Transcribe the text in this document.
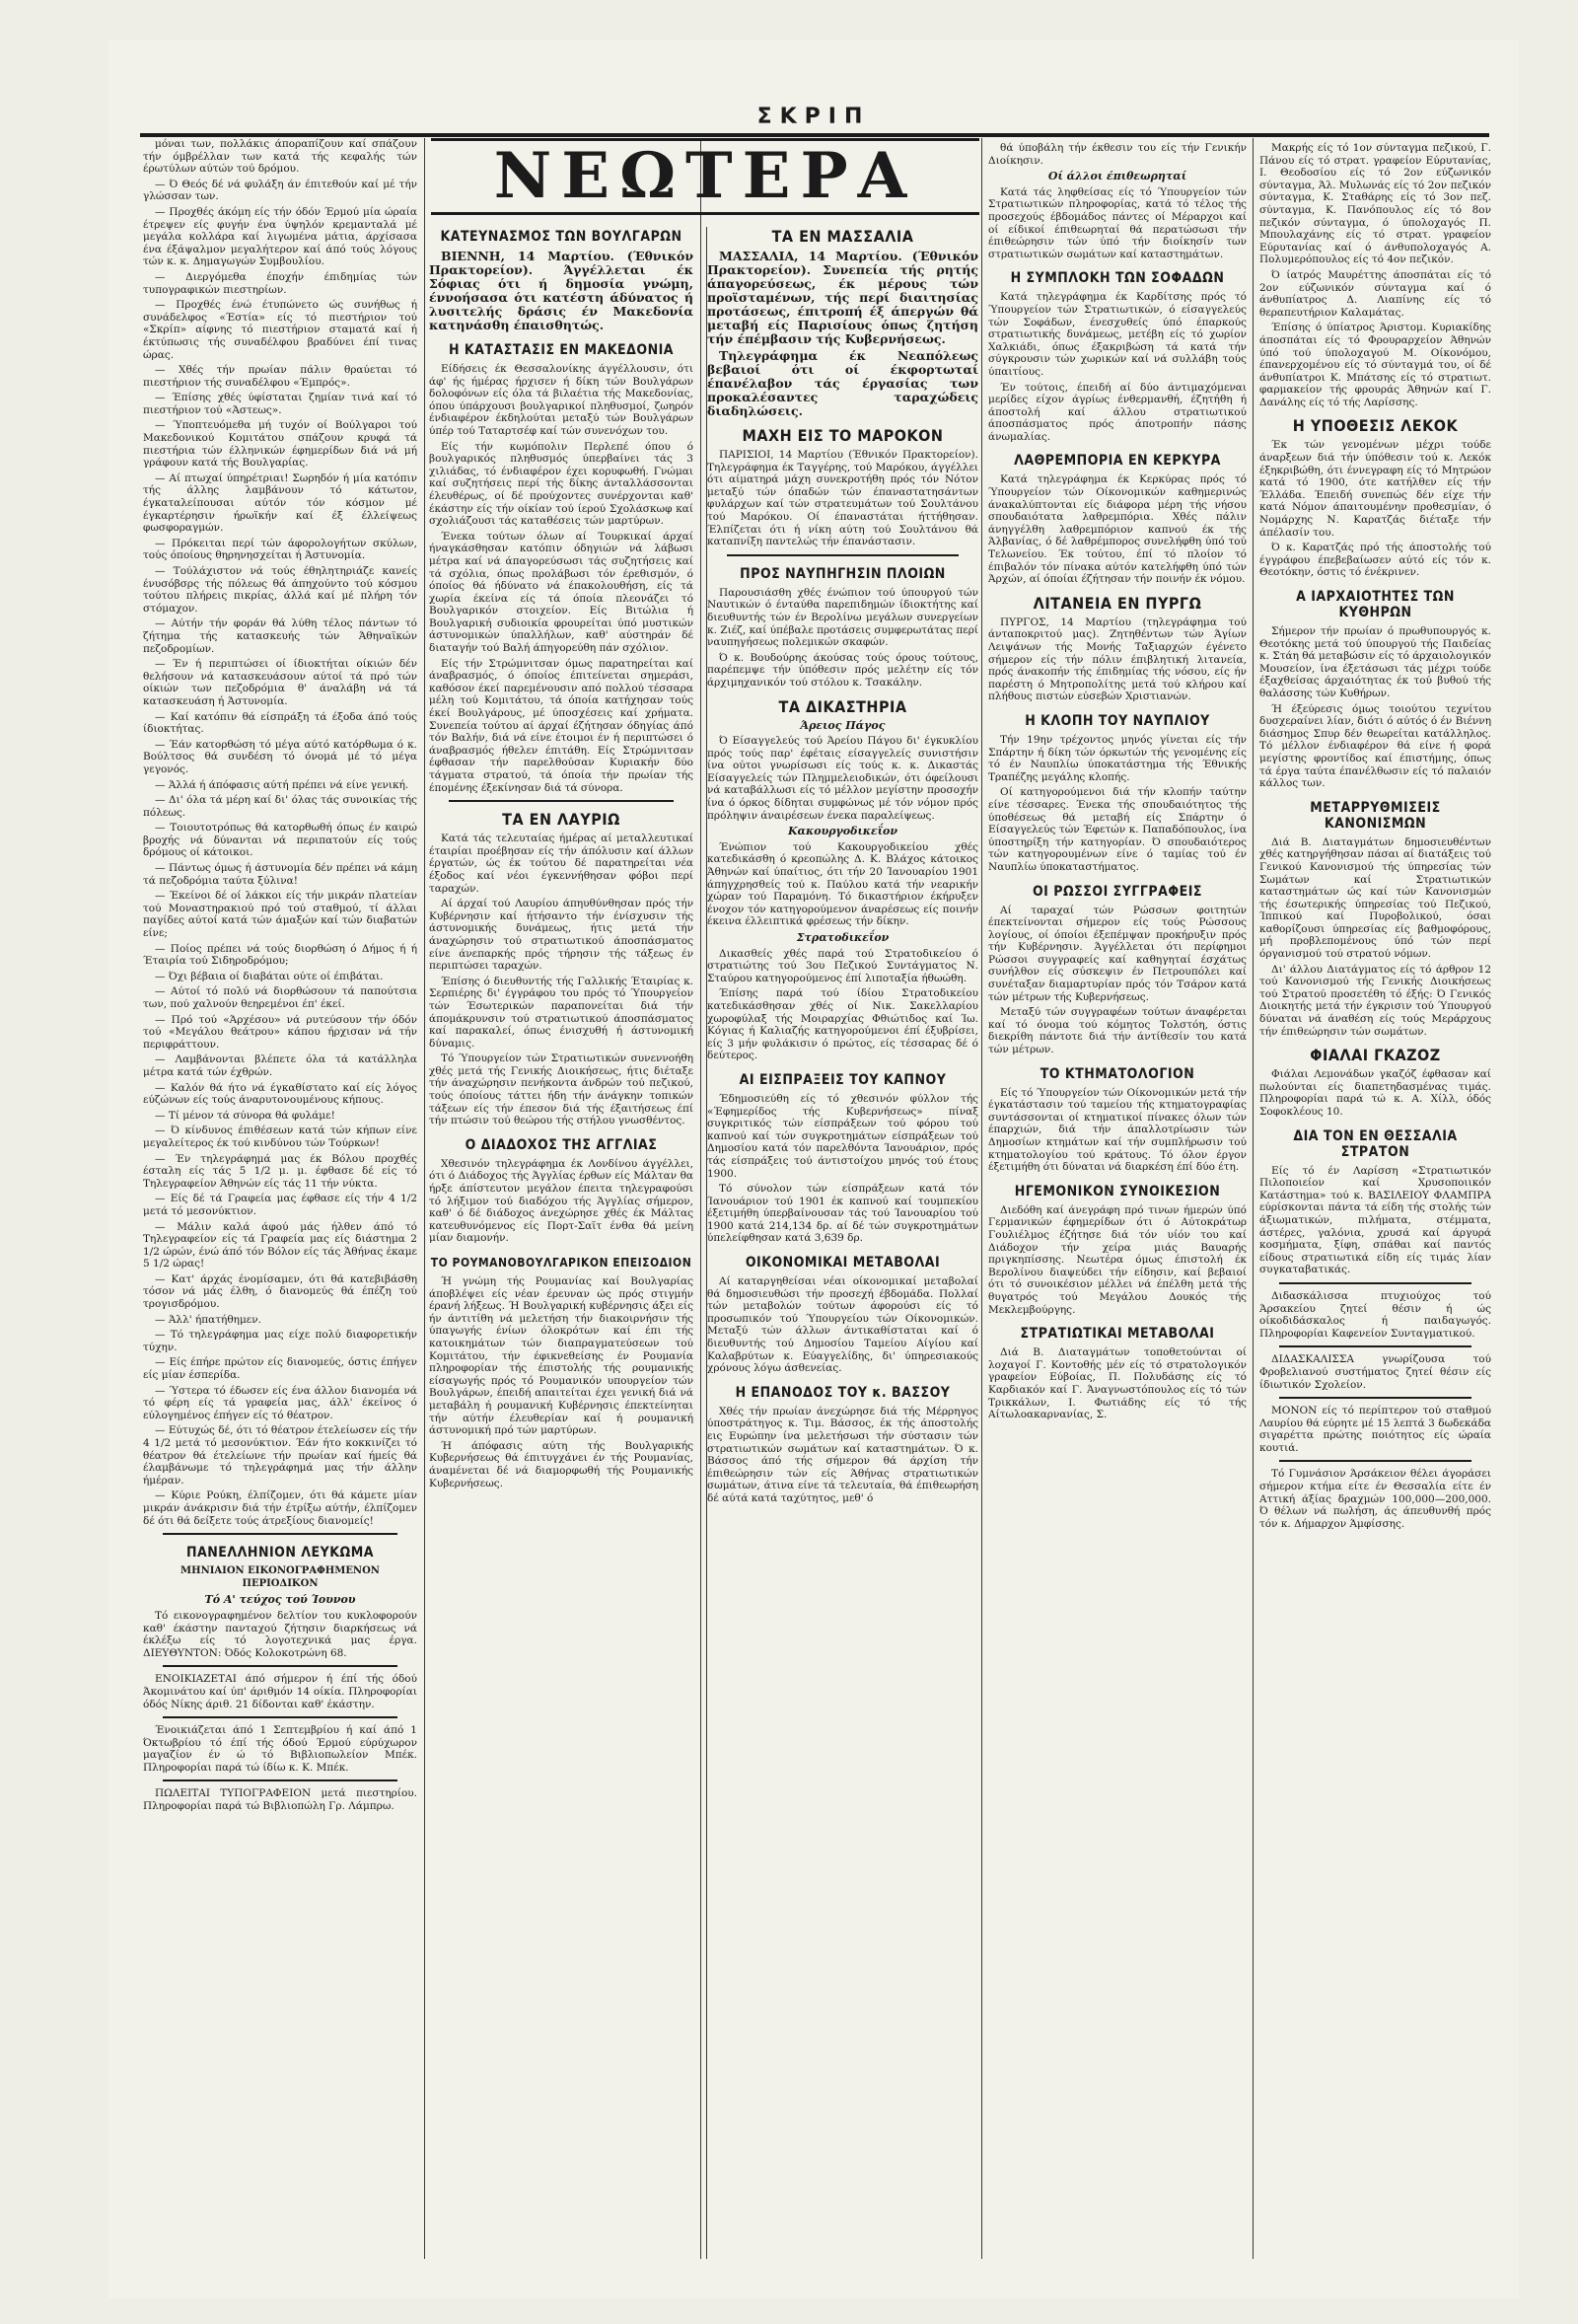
ΣΚΡΙΠ

μόναι των, πολλάκις άποραπίζουν καί σπάζουν τήν όμβρέλλαν των κατά τής κεφαλής τών έρωτύλων αύτών τού δρόμου.

— Ό Θεός δέ νά φυλάξη άν έπιτεθούν καί μέ τήν γλώσσαν των.

— Προχθές άκόμη είς τήν όδόν Έρμού μία ώραία έτρεψεν είς φυγήν ένα ύψηλόν κρεμανταλά μέ μεγάλα κολλάρα καί λιγωμένα μάτια, άρχίσασα ένα έξάψαλμον μεγαλήτερον καί άπό τούς λόγους τών κ. κ. Δημαγωγών Συμβουλίου.

— Διεργόμεθα έποχήν έπιδημίας τών τυπογραφικών πιεστηρίων.

— Προχθές ένώ έτυπώνετο ώς συνήθως ή συνάδελφος «Έστία» είς τό πιεστήριον τού «Σκρίπ» αίφνης τό πιεστήριον σταματά καί ή έκτύπωσις τής συναδέλφου βραδύνει έπί τινας ώρας.

— Χθές τήν πρωίαν πάλιν θραύεται τό πιεστήριον τής συναδέλφου «Έμπρός».

— Έπίσης χθές ύφίσταται ζημίαν τινά καί τό πιεστήριον τού «Άστεως».

— Ύποπτευόμεθα μή τυχόν οί Βούλγαροι τού Μακεδονικού Κομιτάτου σπάζουν κρυφά τά πιεστήρια τών έλληνικών έφημερίδων διά νά μή γράφουν κατά τής Βουλγαρίας.

— Αί πτωχαί ύπηρέτριαι! Σωρηδόν ή μία κατόπιν τής άλλης λαμβάνουν τό κάτωτον, έγκαταλείπουσαι αύτόν τόν κόσμον μέ έγκαρτέρησιν ήρωϊκήν καί έξ έλλείψεως φωσφοραγμών.

— Πρόκειται περί τών άφορολογήτων σκύλων, τούς όποίους θηρηνησχείται ή Άστυνομία.

— Τούλάχιστον νά τούς έθηλητηριάζε κανείς ένυσόβσρς τής πόλεως θά άπηχούντο τού κόσμου τούτου πλήρεις πικρίας, άλλά καί μέ πλήρη τόν στόμαχον.

— Αύτήν τήν φοράν θά λύθη τέλος πάντων τό ζήτημα τής κατασκευής τών Άθηναϊκών πεζοδρομίων.

— Έν ή περιπτώσει οί ίδιοκτήται οίκιών δέν θελήσουν νά κατασκευάσουν αύτοί τά πρό τών οίκιών των πεζοδρόμια θ' άναλάβη νά τά κατασκευάση ή Άστυνομία.

— Καί κατόπιν θά είσπράξη τά έξοδα άπό τούς ίδιοκτήτας.

— Έάν κατορθώση τό μέγα αύτό κατόρθωμα ό κ. Βούλτσος θά συνδέση τό όνομά μέ τό μέγα γεγονός.

— Άλλά ή άπόφασις αύτή πρέπει νά είνε γενική.

— Δι' όλα τά μέρη καί δι' όλας τάς συνοικίας τής πόλεως.

— Τοιουτοτρόπως θά κατορθωθή όπως έν καιρώ βροχής νά δύνανται νά περιπατούν είς τούς δρόμους οί κάτοικοι.

— Πάντως όμως ή άστυνομία δέν πρέπει νά κάμη τά πεζοδρόμια ταύτα ξύλινα!

— Έκείνοι δέ οί λάκκοι είς τήν μικράν πλατείαν τού Μοναστηρακιού πρό τού σταθμού, τί άλλαι παγίδες αύτοί κατά τών άμαξών καί τών διαβατών είνε;

— Ποίος πρέπει νά τούς διορθώση ό Δήμος ή ή Έταιρία τού Σιδηροδρόμου;

— Όχι βέβαια οί διαβάται ούτε οί έπιβάται.

— Αύτοί τό πολύ νά διορθώσουν τά παπούτσια των, πού χαλνούν θεηρεμένοι έπ' έκεί.

— Πρό τού «Άρχέσου» νά ρυτεύσουν τήν όδόν τού «Μεγάλου θεάτρου» κάπου ήρχισαν νά τήν περιφράττουν.

— Λαμβάνονται βλέπετε όλα τά κατάλληλα μέτρα κατά τών έχθρών.

— Καλόν θά ήτο νά έγκαθίστατο καί είς λόγος εύζώνων είς τούς άναρυτονουμένους κήπους.

— Τί μένον τά σύνορα θά φυλάμε!

— Ό κίνδυνος έπιθέσεων κατά τών κήπων είνε μεγαλείτερος έκ τού κινδύνου τών Τούρκων!

— Έν τηλεγράφημά μας έκ Βόλου προχθές έσταλη είς τάς 5 1/2 μ. μ. έφθασε δέ είς τό Τηλεγραφείον Άθηνών είς τάς 11 τήν νύκτα.

— Είς δέ τά Γραφεία μας έφθασε είς τήν 4 1/2 μετά τό μεσονύκτιον.

— Μάλιν καλά άφού μάς ήλθεν άπό τό Τηλεγραφείον είς τά Γραφεία μας είς διάστημα 2 1/2 ώρών, ένώ άπό τόν Βόλον είς τάς Άθήνας έκαμε 5 1/2 ώρας!

— Κατ' άρχάς ένομίσαμεν, ότι θά κατεβιβάσθη τόσον νά μάς έλθη, ό διανομεύς θά έπέζη τού τρογισδρόμου.

— Άλλ' ήπατήθημεν.

— Τό τηλεγράφημα μας είχε πολύ διαφορετικήν τύχην.

— Είς έπήρε πρώτον είς διανομεύς, όστις έπήγεν είς μίαν έσπερίδα.

— Ύστερα τό έδωσεν είς ένα άλλον διανομέα νά τό φέρη είς τά γραφεία μας, άλλ' έκείνος ό εύλογημένος έπήγεν είς τό θέατρον.

— Εύτυχώς δέ, ότι τό θέατρον έτελείωσεν είς τήν 4 1/2 μετά τό μεσονύκτιον. Έάν ήτο κοκκινίζει τό θέατρον θά έτελείωνε τήν πρωίαν καί ήμείς θά έλαμβάνωμε τό τηλεγράφημά μας τήν άλλην ήμέραν.

— Κύριε Ρούκη, έλπίζομεν, ότι θά κάμετε μίαν μικράν άνάκρισιν διά τήν έτρίξω αύτήν, έλπίζομεν δέ ότι θά δείξετε τούς άτρεξίους διανομείς!

ΠΑΝΕΛΛΗΝΙΟΝ ΛΕΥΚΩΜΑ
ΜΗΝΙΑΙΟΝ ΕΙΚΟΝΟΓΡΑΦΗΜΕΝΟΝ ΠΕΡΙΟΔΙΚΟΝ
Τό Α' τεύχος τού Ίουνου

Τό εικονογραφημένον δελτίον του κυκλοφορούν καθ' έκάστην πανταχού ζήτησιν διαρκήσεως νά έκλέξω είς τό λογοτεχνικά μας έργα. ΔΙΕΥΘΥΝΤΟΝ: Όδός Κολοκοτρώνη 68.

ΕΝΟΙΚΙΑΖΕΤΑΙ άπό σήμερον ή έπί τής όδού Άκομινάτου καί ύπ' άριθμόν 14 οίκία. Πληροφορίαι όδός Νίκης άριθ. 21 δίδονται καθ' έκάστην.

Ένοικιάζεται άπό 1 Σεπτεμβρίου ή καί άπό 1 Όκτωβρίου τό έπί τής όδού Έρμού εύρύχωρον μαγαζίον έν ώ τό Βιβλιοπωλείον Μπέκ. Πληροφορίαι παρά τώ ίδίω κ. Κ. Μπέκ.

ΠΩΛΕΙΤΑΙ ΤΥΠΟΓΡΑΦΕΙΟΝ μετά πιεστηρίου. Πληροφορίαι παρά τώ Βιβλιοπώλη Γρ. Λάμπρω.

ΝΕΩΤΕΡΑ
ΚΑΤΕΥΝΑΣΜΟΣ ΤΩΝ ΒΟΥΛΓΑΡΩΝ

ΒΙΕΝΝΗ, 14 Μαρτίου. (Έθνικόν Πρακτορείον). Άγγέλλεται έκ Σόφιας ότι ή δημοσία γνώμη, έννοήσασα ότι κατέστη άδύνατος ή λυσιτελής δράσις έν Μακεδονία κατηνάσθη έπαισθητώς.

Η ΚΑΤΑΣΤΑΣΙΣ ΕΝ ΜΑΚΕΔΟΝΙΑ

Είδήσεις έκ Θεσσαλονίκης άγγέλλουσιν, ότι άφ' ής ήμέρας ήρχισεν ή δίκη τών Βουλγάρων δολοφόνων είς όλα τά βιλαέτια τής Μακεδονίας, όπου ύπάρχουσι βουλγαρικοί πληθυσμοί, ζωηρόν ένδιαφέρον έκδηλούται μεταξύ τών Βουλγάρων ύπέρ τού Ταταρτσέφ καί τών συνενόχων του.

Είς τήν κωμόπολιν Περλεπέ όπου ό βουλγαρικός πληθυσμός ύπερβαίνει τάς 3 χιλιάδας, τό ένδιαφέρον έχει κορυφωθή. Γνώμαι καί συζητήσεις περί τής δίκης άνταλλάσσονται έλευθέρως, οί δέ προύχοντες συνέρχονται καθ' έκάστην είς τήν οίκίαν τού ίερού Σχολάσκωφ καί σχολιάζουσι τάς καταθέσεις τών μαρτύρων.

Ένεκα τούτων όλων αί Τουρκικαί άρχαί ήναγκάσθησαν κατόπιν όδηγιών νά λάβωσι μέτρα καί νά άπαγορεύσωσι τάς συζητήσεις καί τά σχόλια, όπως προλάβωσι τόν έρεθισμόν, ό όποίος θά ήδύνατο νά έπακολουθήση, είς τά χωρία έκείνα είς τά όποία πλεονάζει τό Βουλγαρικόν στοιχείον. Είς Βιτώλια ή Βουλγαρική συδιοικία φρουρείται ύπό μυστικών άστυνομικών ύπαλλήλων, καθ' αύστηράν δέ διαταγήν τού Βαλή άπηγορεύθη πάν σχόλιον.

Είς τήν Στρώμνιτσαν όμως παρατηρείται καί άναβρασμός, ό όποίος έπιτείνεται σημεράσι, καθόσον έκεί παρεμένουσιν από πολλού τέσσαρα μέλη τού Κομιτάτου, τά όποία κατήχησαν τούς έκεί Βουλγάρους, μέ ύποσχέσεις καί χρήματα. Συνεπεία τούτου αί άρχαί έζήτησαν όδηγίας άπό τόν Βαλήν, διά νά είνε έτοιμοι έν ή περιπτώσει ό άναβρασμός ήθελεν έπιτάθη. Είς Στρώμνιτσαν έφθασαν τήν παρελθούσαν Κυριακήν δύο τάγματα στρατού, τά όποία τήν πρωίαν τής έπομένης έξεκίνησαν διά τά σύνορα.

ΤΑ ΕΝ ΛΑΥΡΙΩ

Κατά τάς τελευταίας ήμέρας αί μεταλλευτικαί έταιρίαι προέβησαν είς τήν άπόλυσιν καί άλλων έργατών, ώς έκ τούτου δέ παρατηρείται νέα έξοδος καί νέοι έγκεννήθησαν φόβοι περί ταραχών.

Αί άρχαί τού Λαυρίου άπηυθύνθησαν πρός τήν Κυβέρνησιν καί ήτήσαντο τήν ένίσχυσιν τής άστυνομικής δυνάμεως, ήτις μετά τήν άναχώρησιν τού στρατιωτικού άποσπάσματος είνε άνεπαρκής πρός τήρησιν τής τάξεως έν περιπτώσει ταραχών.

Έπίσης ό διευθυντής τής Γαλλικής Έταιρίας κ. Σερπιέρης δι' έγγράφου του πρός τό Ύπουργείον τών Έσωτερικών παραπονείται διά τήν άπομάκρυνσιν τού στρατιωτικού άποσπάσματος καί παρακαλεί, όπως ένισχυθή ή άστυνομική δύναμις.

Τό Ύπουργείον τών Στρατιωτικών συνεννοήθη χθές μετά τής Γενικής Διοικήσεως, ήτις διέταξε τήν άναχώρησιν πενήκοντα άνδρών τού πεζικού, τούς όποίους τάττει ήδη τήν άνάγκην τοπικών τάξεων είς τήν έπεσον διά τής έξαιτήσεως έπί τήν πτώσιν τού θεώρου τής στήλου γνωσθέντος.

Ο ΔΙΑΔΟΧΟΣ ΤΗΣ ΑΓΓΛΙΑΣ

Χθεσινόν τηλεγράφημα έκ Λονδίνου άγγέλλει, ότι ό Διάδοχος τής Άγγλίας έρθων είς Μάλταν θα ήρξε άπίστευτον μεγάλον έπειτα τηλεγραφούσι τό λήξιμον τού διαδόχου τής Άγγλίας σήμερον, καθ' ό δέ διάδοχος άνεχώρησε χθές έκ Μάλτας κατευθυνόμενος είς Πορτ-Σαϊτ ένθα θά μείνη μίαν διαμονήν.

ΤΟ ΡΟΥΜΑΝΟΒΟΥΛΓΑΡΙΚΟΝ ΕΠΕΙΣΟΔΙΟΝ

Ή γνώμη τής Ρουμανίας καί Βουλγαρίας άποβλέψει είς νέαν έρευναν ώς πρός στιγμήν έρανή λήξεως. Ή Βουλγαρική κυβέρνησις άξει είς ήν άντιτίθη νά μελετήση τήν διακοιρνήσιν τής ύπαγωγής ένίων όλοκρότων καί έπι τής κατοικημάτων τών διαπραγματεύσεων τού Κομιτάτου, τήν έφικνεθείσης έν Ρουμανία πληροφορίαν τής έπιστολής τής ρουμανικής είσαγωγής πρός τό Ρουμανικόν υπουργείον τών Βουλγάρων, έπειδή απαιτείται έχει γενική διά νά μεταβάλη ή ρουμανική Κυβέρνησις έπεκτείνηται τήν αύτήν έλευθερίαν καί ή ρουμανική άστυνομική πρό τών μαρτύρων.

Ή άπόφασις αύτη τής Βουλγαρικής Κυβερνήσεως θά έπιτυγχάνει έν τής Ρουμανίας, άναμένεται δέ νά διαμορφωθή τής Ρουμανικής Κυβερνήσεως.

ΤΑ ΕΝ ΜΑΣΣΑΛΙΑ

ΜΑΣΣΑΛΙΑ, 14 Μαρτίου. (Έθνικόν Πρακτορείον). Συνεπεία τής ρητής άπαγορεύσεως, έκ μέρους τών προϊσταμένων, τής περί διαιτησίας προτάσεως, έπιτροπή έξ άπεργών θά μεταβή είς Παρισίους όπως ζητήση τήν έπέμβασιν τής Κυβερνήσεως.

Τηλεγράφημα έκ Νεαπόλεως βεβαιοί ότι οί έκφορτωταί έπανέλαβον τάς έργασίας των προκαλέσαντες ταραχώδεις διαδηλώσεις.

ΜΑΧΗ ΕΙΣ ΤΟ ΜΑΡΟΚΟΝ

ΠΑΡΙΣΙΟΙ, 14 Μαρτίου (Έθνικόν Πρακτορείον). Τηλεγράφημα έκ Ταγγέρης, τού Μαρόκου, άγγέλλει ότι αίματηρά μάχη συνεκροτήθη πρός τόν Νότον μεταξύ τών όπαδών τών έπαναστατησάντων φυλάρχων καί τών στρατευμάτων τού Σουλτάνου τού Μαρόκου. Οί έπαναστάται ήττήθησαν. Έλπίζεται ότι ή νίκη αύτη τού Σουλτάνου θά καταπνίξη παντελώς τήν έπανάστασιν.

ΠΡΟΣ ΝΑΥΠΗΓΗΣΙΝ ΠΛΟΙΩΝ

Παρουσιάσθη χθές ένώπιον τού ύπουργού τών Ναυτικών ό ένταύθα παρεπιδημών ίδιοκτήτης καί διευθυντής τών έν Βερολίνω μεγάλων συνεργείων κ. Ζιέζ, καί ύπέβαλε προτάσεις συμφερωτάτας περί ναυπηγήσεως πολεμικών σκαφών.

Ό κ. Βουδούρης άκούσας τούς όρους τούτους, παρέπεμψε τήν ύπόθεσιν πρός μελέτην είς τόν άρχιμηχανικόν τού στόλου κ. Τσακάλην.

ΤΑ ΔΙΚΑΣΤΗΡΙΑ
Άρειος Πάγος

Ό Είσαγγελεύς τού Άρείου Πάγου δι' έγκυκλίου πρός τούς παρ' έφέταις είσαγγελείς συνιστήσιν ίνα ούτοι γνωρίσωσι είς τούς κ. κ. Δικαστάς Είσαγγελείς τών Πλημμελειοδικών, ότι όφείλουσι νά καταβάλλωσι είς τό μέλλον μεγίστην προσοχήν ίνα ό όρκος δίδηται συμφώνως μέ τόν νόμον πρός πρόληψιν άναιρέσεων ένεκα παραλείψεως.

Κακουργοδικεΐον

Ένώπιον τού Κακουργοδικείου χθές κατεδικάσθη ό κρεοπώλης Δ. Κ. Βλάχος κάτοικος Άθηνών καί ύπαίτιος, ότι τήν 20 Ίανουαρίου 1901 άπηγχρησθείς τού κ. Παύλου κατά τήν νεαρικήν χώραν τού Παραμόνη. Τό δικαστήριον έκήρυξεν ένοχον τόν κατηγορούμενον άναρέσεως είς ποινήν έκεινα έλλειπτικά φρέσεως τήν δίκην.

Στρατοδικεΐον

Δικασθείς χθές παρά τού Στρατοδικείου ό στρατιώτης τού 3ου Πεζικού Συντάγματος Ν. Σταύρου κατηγορούμενος έπί λιποταξία ήθωώθη.

Έπίσης παρά τού ίδίου Στρατοδικείου κατεδικάσθησαν χθές οί Νικ. Σακελλαρίου χωροφύλαξ τής Μοιραρχίας Φθιώτιδος καί Ίω. Κόγιας ή Καλιαζής κατηγορούμενοι έπί έξυβρίσει, είς 3 μήν φυλάκισιν ό πρώτος, είς τέσσαρας δέ ό δεύτερος.

ΑΙ ΕΙΣΠΡΑΞΕΙΣ ΤΟΥ ΚΑΠΝΟΥ

Έδημοσιεύθη είς τό χθεσινόν φύλλον τής «Έφημερίδος τής Κυβερνήσεως» πίναξ συγκριτικός τών είσπράξεων τού φόρου τού καπνού καί τών συγκροτημάτων είσπράξεων τού Δημοσίου κατά τόν παρελθόντα Ίανουάριον, πρός τάς είσπράξεις τού άντιστοίχου μηνός τού έτους 1900.

Τό σύνολον τών είσπράξεων κατά τόν Ίανουάριον τού 1901 έκ καπνού καί τουμπεκίου έξετιμήθη ύπερβαίνουσαν τάς τού Ίανουαρίου τού 1900 κατά 214,134 δρ. αί δέ τών συγκροτημάτων ύπελείφθησαν κατά 3,639 δρ.

ΟΙΚΟΝΟΜΙΚΑΙ ΜΕΤΑΒΟΛΑΙ

Αί καταργηθείσαι νέαι οίκονομικαί μεταβολαί θά δημοσιευθώσι τήν προσεχή έβδομάδα. Πολλαί τών μεταβολών τούτων άφορούσι είς τό προσωπικόν τού Ύπουργείου τών Οίκονομικών. Μεταξύ τών άλλων άντικαθίσταται καί ό διευθυντής τού Δημοσίου Ταμείου Αίγίου καί Καλαβρύτων κ. Εύαγγελίδης, δι' ύπηρεσιακούς χρόνους λόγω άσθενείας.

Η ΕΠΑΝΟΔΟΣ ΤΟΥ κ. ΒΑΣΣΟΥ

Χθές τήν πρωίαν άνεχώρησε διά τής Μέρρηγος ύποστράτηγος κ. Τιμ. Βάσσος, έκ τής άποστολής εις Ευρώπην ίνα μελετήσωσι τήν σύστασιν τών στρατιωτικών σωμάτων καί καταστημάτων. Ό κ. Βάσσος άπό τής σήμερον θά άρχίση τήν έπιθεώρησιν τών είς Άθήνας στρατιωτικών σωμάτων, άτινα είνε τά τελευταία, θά έπιθεωρήση δέ αύτά κατά ταχύτητος, μεθ' ό

θά ύποβάλη τήν έκθεσιν του είς τήν Γενικήν Διοίκησιν.

Οί άλλοι έπιθεωρηταί

Κατά τάς ληφθείσας είς τό Ύπουργείον τών Στρατιωτικών πληροφορίας, κατά τό τέλος τής προσεχούς έβδομάδος πάντες οί Μέραρχοι καί οί είδικοί έπιθεωρηταί θά περατώσωσι τήν έπιθεώρησιν τών ύπό τήν διοίκησίν των στρατιωτικών σωμάτων καί καταστημάτων.

Η ΣΥΜΠΛΟΚΗ ΤΩΝ ΣΟΦΑΔΩΝ

Κατά τηλεγράφημα έκ Καρδίτσης πρός τό Ύπουργείον τών Στρατιωτικών, ό είσαγγελεύς τών Σοφάδων, ένεσχυθείς ύπό έπαρκούς στρατιωτικής δυνάμεως, μετέβη είς τό χωρίον Χαλκιάδι, όπως έξακριβώση τά κατά τήν σύγκρουσιν τών χωρικών καί νά συλλάβη τούς ύπαιτίους.

Έν τούτοις, έπειδή αί δύο άντιμαχόμεναι μερίδες είχον άγρίως ένθερμανθή, έζητήθη ή άποστολή καί άλλου στρατιωτικού άποσπάσματος πρός άποτροπήν πάσης άνωμαλίας.

ΛΑΘΡΕΜΠΟΡΙΑ ΕΝ ΚΕΡΚΥΡΑ

Κατά τηλεγράφημα έκ Κερκύρας πρός τό Ύπουργείον τών Οίκονομικών καθημερινώς άνακαλύπτονται είς διάφορα μέρη τής νήσου σπουδαιότατα λαθρεμπόρια. Χθές πάλιν άνηγγέλθη λαθρεμπόριον καπνού έκ τής Άλβανίας, ό δέ λαθρέμπορος συνελήφθη ύπό τού Τελωνείου. Έκ τούτου, έπί τό πλοίον τό έπιβαλόν τόν πίνακα αύτόν κατελήφθη ύπό τών Άρχών, αί όποίαι έζήτησαν τήν ποινήν έκ νόμου.

ΛΙΤΑΝΕΙΑ ΕΝ ΠΥΡΓΩ

ΠΥΡΓΟΣ, 14 Μαρτίου (τηλεγράφημα τού άνταποκριτού μας). Ζητηθέντων τών Άγίων Λειψάνων τής Μονής Ταξιαρχών έγένετο σήμερον είς τήν πόλιν έπιβλητική λιτανεία, πρός άνακοπήν τής έπιδημίας τής νόσου, είς ήν παρέστη ό Μητροπολίτης μετά τού κλήρου καί πλήθους πιστών εύσεβών Χριστιανών.

Η ΚΛΟΠΗ ΤΟΥ ΝΑΥΠΛΙΟΥ

Τήν 19ην τρέχοντος μηνός γίνεται είς τήν Σπάρτην ή δίκη τών όρκωτών τής γενομένης είς τό έν Ναυπλίω ύποκατάστημα τής Έθνικής Τραπέζης μεγάλης κλοπής.

Οί κατηγορούμενοι διά τήν κλοπήν ταύτην είνε τέσσαρες. Ένεκα τής σπουδαιότητος τής ύποθέσεως θά μεταβή είς Σπάρτην ό Είσαγγελεύς τών Έφετών κ. Παπαδόπουλος, ίνα ύποστηρίξη τήν κατηγορίαν. Ό σπουδαιότερος τών κατηγορουμένων είνε ό ταμίας τού έν Ναυπλίω ύποκαταστήματος.

ΟΙ ΡΩΣΣΟΙ ΣΥΓΓΡΑΦΕΙΣ

Αί ταραχαί τών Ρώσσων φοιτητών έπεκτείνονται σήμερον είς τούς Ρώσσους λογίους, οί όποίοι έξεπέμψαν προκήρυξιν πρός τήν Κυβέρνησιν. Άγγέλλεται ότι περίφημοι Ρώσσοι συγγραφείς καί καθηγηταί έσχάτως συνήλθον είς σύσκεψιν έν Πετρουπόλει καί συνέταξαν διαμαρτυρίαν πρός τόν Τσάρον κατά τών μέτρων τής Κυβερνήσεως.

Μεταξύ τών συγγραφέων τούτων άναφέρεται καί τό όνομα τού κόμητος Τολστόη, όστις διεκρίθη πάντοτε διά τήν άντίθεσίν του κατά τών μέτρων.

ΤΟ ΚΤΗΜΑΤΟΛΟΓΙΟΝ

Είς τό Ύπουργείον τών Οίκονομικών μετά τήν έγκατάστασιν τού ταμείου τής κτηματογραφίας συντάσσονται οί κτηματικοί πίνακες όλων τών έπαρχιών, διά τήν άπαλλοτρίωσιν τών Δημοσίων κτημάτων καί τήν συμπλήρωσιν τού κτηματολογίου τού κράτους. Τό όλον έργον έξετιμήθη ότι δύναται νά διαρκέση έπί δύο έτη.

ΗΓΕΜΟΝΙΚΟΝ ΣΥΝΟΙΚΕΣΙΟΝ

Διεδόθη καί άνεγράφη πρό τινων ήμερών ύπό Γερμανικών έφημερίδων ότι ό Αύτοκράτωρ Γουλιέλμος έζήτησε διά τόν υίόν του καί Διάδοχον τήν χείρα μιάς Βαυαρής πριγκηπίσσης. Νεωτέρα όμως έπιστολή έκ Βερολίνου διαψεύδει τήν είδησιν, καί βεβαιοί ότι τό συνοικέσιον μέλλει νά έπέλθη μετά τής θυγατρός τού Μεγάλου Δουκός τής Μεκλεμβούργης.

ΣΤΡΑΤΙΩΤΙΚΑΙ ΜΕΤΑΒΟΛΑΙ

Διά Β. Διαταγμάτων τοποθετούνται οί λοχαγοί Γ. Κοντοθής μέν είς τό στρατολογικόν γραφείον Εύβοίας, Π. Πολυδάσης είς τό Καρδιακόν καί Γ. Άναγνωστόπουλος είς τό τών Τρικκάλων, Ι. Φωτιάδης είς τό τής Αίτωλοακαρνανίας, Σ.

Μακρής είς τό 1ον σύνταγμα πεζικού, Γ. Πάνου είς τό στρατ. γραφείον Εύρυτανίας, Ι. Θεοδοσίου είς τό 2ον εύζωνικόν σύνταγμα, Άλ. Μυλωνάς είς τό 2ον πεζικόν σύνταγμα, Κ. Σταθάρης είς τό 3ον πεζ. σύνταγμα, Κ. Πανόπουλος είς τό 8ον πεζικόν σύνταγμα, ό ύπολοχαγός Π. Μπουλαχάνης είς τό στρατ. γραφείον Εύρυτανίας καί ό άνθυπολοχαγός Α. Πολυμερόπουλος είς τό 4ον πεζικόν.

Ό ίατρός Μαυρέττης άποσπάται είς τό 2ον εύζωνικόν σύνταγμα καί ό άνθυπίατρος Δ. Λιαπίνης είς τό θεραπευτήριον Καλαμάτας.

Έπίσης ό ύπίατρος Άριστομ. Κυριακίδης άποσπάται είς τό Φρουραρχείον Άθηνών ύπό τού ύπολοχαγού Μ. Οίκονόμου, έπανερχομένου είς τό σύνταγμά του, οί δέ άνθυπίατροι Κ. Μπάτσης είς τό στρατιωτ. φαρμακείον τής φρουράς Άθηνών καί Γ. Δανάλης είς τό τής Λαρίσσης.

Η ΥΠΟΘΕΣΙΣ ΛΕΚΟΚ

Έκ τών γενομένων μέχρι τούδε άναρξεων διά τήν ύπόθεσιν τού κ. Λεκόκ έξηκριβώθη, ότι έννεγραφη είς τό Μητρώον κατά τό 1900, ότε κατήλθεν είς τήν Έλλάδα. Έπειδή συνεπώς δέν είχε τήν κατά Νόμον άπαιτουμένην προθεσμίαν, ό Νομάρχης Ν. Καρατζάς διέταξε τήν άπέλασίν του.

Ό κ. Καρατζάς πρό τής άποστολής τού έγγράφου έπεβεβαίωσεν αύτό είς τόν κ. Θεοτόκην, όστις τό ένέκρινεν.

Α ΙΑΡΧΑΙΟΤΗΤΕΣ ΤΩΝ ΚΥΘΗΡΩΝ

Σήμερον τήν πρωίαν ό πρωθυπουργός κ. Θεοτόκης μετά τού ύπουργού τής Παιδείας κ. Στάη θά μεταβώσιν είς τό άρχαιολογικόν Μουσείον, ίνα έξετάσωσι τάς μέχρι τούδε έξαχθείσας άρχαιότητας έκ τού βυθού τής θαλάσσης τών Κυθήρων.

Ή έξεύρεσις όμως τοιούτου τεχνίτου δυσχεραίνει λίαν, διότι ό αύτός ό έν Βιέννη διάσημος Σπυρ δέν θεωρείται κατάλληλος. Τό μέλλον ένδιαφέρον θά είνε ή φορά μεγίστης φροντίδος καί έπιστήμης, όπως τά έργα ταύτα έπανέλθωσιν είς τό παλαιόν κάλλος των.

ΜΕΤΑΡΡΥΘΜΙΣΕΙΣ ΚΑΝΟΝΙΣΜΩΝ

Διά Β. Διαταγμάτων δημοσιευθέντων χθές κατηργήθησαν πάσαι αί διατάξεις τού Γενικού Κανονισμού τής ύπηρεσίας τών Σωμάτων καί Στρατιωτικών καταστημάτων ώς καί τών Κανονισμών τής έσωτερικής ύπηρεσίας τού Πεζικού, Ίππικού καί Πυροβολικού, όσαι καθορίζουσι ύπηρεσίας είς βαθμοφόρους, μή προβλεπομένους ύπό τών περί όργανισμού τού στρατού νόμων.

Δι' άλλου Διατάγματος είς τό άρθρον 12 τού Κανονισμού τής Γενικής Διοικήσεως τού Στρατού προσετέθη τό έξής: Ό Γενικός Διοικητής μετά τήν έγκρισιν τού Ύπουργού δύναται νά άναθέση είς τούς Μεράρχους τήν έπιθεώρησιν τών σωμάτων.

ΦΙΑΛΑΙ ΓΚΑΖΟΖ

Φιάλαι Λεμονάδων γκαζόζ έφθασαν καί πωλούνται είς διαπετηδασμένας τιμάς. Πληροφορίαι παρά τώ κ. Α. Χίλλ, όδός Σοφοκλέους 10.

ΔΙΑ ΤΟΝ ΕΝ ΘΕΣΣΑΛΙΑ ΣΤΡΑΤΟΝ

Είς τό έν Λαρίσση «Στρατιωτικόν Πιλοποιείον καί Χρυσοποιικόν Κατάστημα» τού κ. ΒΑΣΙΛΕΙΟΥ ΦΛΑΜΠΡΑ εύρίσκονται πάντα τά είδη τής στολής τών άξιωματικών, πιλήματα, στέμματα, άστέρες, γαλόνια, χρυσά καί άργυρά κοσμήματα, ξίφη, σπάθαι καί παντός είδους στρατιωτικά είδη είς τιμάς λίαν συγκαταβατικάς.

Διδασκάλισσα πτυχιούχος τού Άρσακείου ζητεί θέσιν ή ώς οίκοδιδάσκαλος ή παιδαγωγός. Πληροφορίαι Καφενείον Συνταγματικού.

ΔΙΔΑΣΚΑΛΙΣΣΑ γνωρίζουσα τού Φροβελιανού συστήματος ζητεί θέσιν είς ίδιωτικόν Σχολείον.

ΜΟΝΟΝ είς τό περίπτερον τού σταθμού Λαυρίου θά εύρητε μέ 15 λεπτά 3 δωδεκάδα σιγαρέττα πρώτης ποιότητος είς ώραία κουτιά.

Τό Γυμνάσιον Άρσάκειον θέλει άγοράσει σήμερον κτήμα είτε έν Θεσσαλία είτε έν Αττική άξίας δραχμών 100,000—200,000. Ό θέλων νά πωλήση, άς άπευθυνθή πρός τόν κ. Δήμαρχον Άμφίσσης.
